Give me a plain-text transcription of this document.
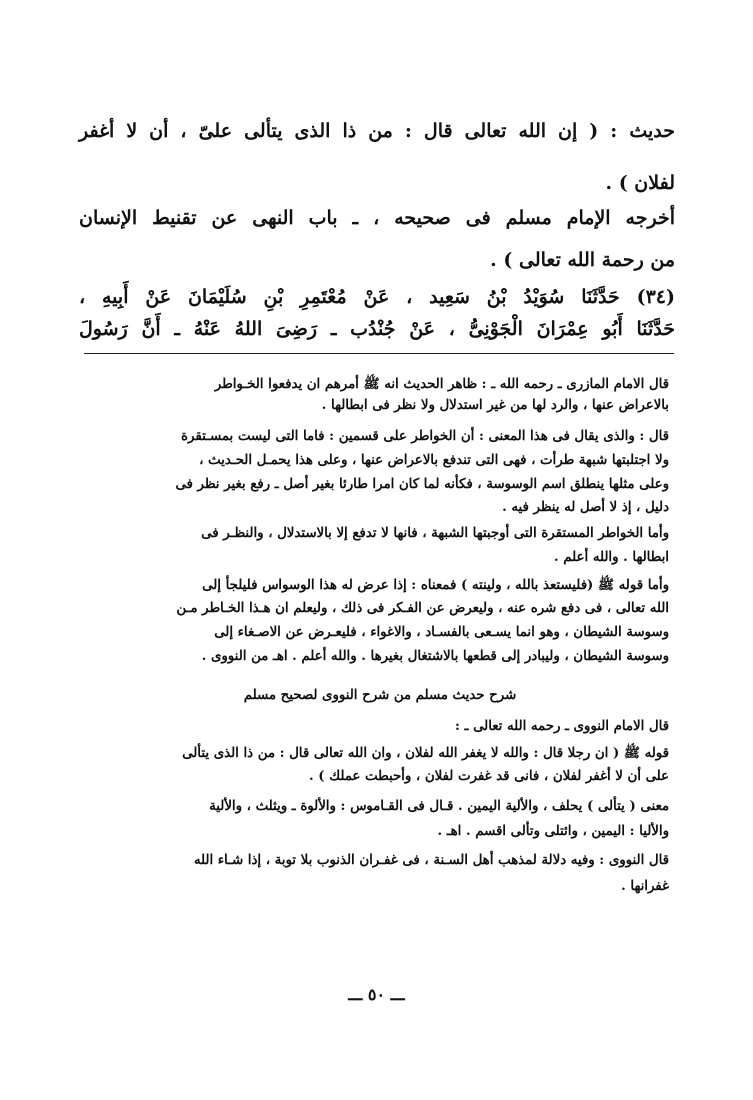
حديث : ( إن الله تعالى قال : من ذا الذى يتألى علىّ ، أن لا أغفر
لفلان ) .
أخرجه الإمام مسلم فى صحيحه ، ـ باب النهى عن تقنيط الإنسان
من رحمة الله تعالى ) .
(٣٤) حَدَّثَنَا سُوَيْدُ بْنُ سَعِيد ، عَنْ مُعْتَمِرِ بْنِ سُلَيْمَانَ عَنْ أَبِيهِ ،
حَدَّثَنَا أَبُو عِمْرَانَ الْجَوْنِىُّ ، عَنْ جُنْدُب ـ رَضِىَ اللهُ عَنْهُ ـ أَنَّ رَسُولَ
قال الامام المازرى ـ رحمه الله ـ : ظاهر الحديث انه ﷺ أمرهم ان يدفعوا الخـواطر
بالاعراض عنها ، والرد لها من غير استدلال ولا نظر فى ابطالها .
قال : والذى يقال فى هذا المعنى : أن الخواطر على قسمين : فاما التى ليست بمسـتقرة
ولا اجتلبتها شبهة طرأت ، فهى التى تندفع بالاعراض عنها ، وعلى هذا يحمـل الحـديث ،
وعلى مثلها ينطلق اسم الوسوسة ، فكأنه لما كان امرا طارئا بغير أصل ـ رفع بغير نظر فى
دليل ، إذ لا أصل له ينظر فيه .
وأما الخواطر المستقرة التى أوجبتها الشبهة ، فانها لا تدفع إلا بالاستدلال ، والنظـر فى
ابطالها . والله أعلم .
وأما قوله ﷺ (فليستعذ بالله ، ولينته ) فمعناه : إذا عرض له هذا الوسواس فليلجأ إلى
الله تعالى ، فى دفع شره عنه ، وليعرض عن الفـكر فى ذلك ، وليعلم ان هـذا الخـاطر مـن
وسوسة الشيطان ، وهو انما يسـعى بالفسـاد ، والاغواء ، فليعـرض عن الاصـغاء إلى
وسوسة الشيطان ، وليبادر إلى قطعها بالاشتغال بغيرها . والله أعلم . اهـ من النووى .
شرح حديث مسلم من شرح النووى لصحيح مسلم
قال الامام النووى ـ رحمه الله تعالى ـ :
قوله ﷺ ( ان رجلا قال : والله لا يغفر الله لفلان ، وان الله تعالى قال : من ذا الذى يتألى
على أن لا أغفر لفلان ، فانى قد غفرت لفلان ، وأحبطت عملك ) .
معنى ( يتألى ) يحلف ، والألية اليمين . قـال فى القـاموس : والألوة ـ ويثلث ، والألية
والأليا : اليمين ، وائتلى وتألى اقسم . اهـ .
قال النووى : وفيه دلالة لمذهب أهل السـنة ، فى غفـران الذنوب بلا توبة ، إذا شـاء الله
غفرانها .
ـــ ٥٠ ـــ
